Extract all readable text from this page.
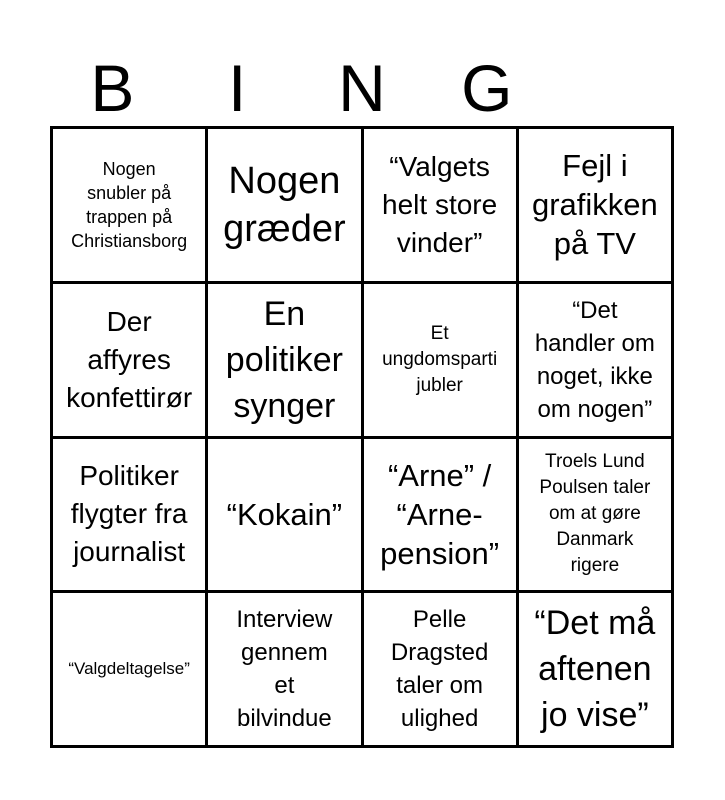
B	I	N	G
Nogen
snubler på
trappen på
Christiansborg
Nogen
græder
“Valgets
helt store
vinder”
Fejl i
grafikken
på TV
Der
affyres
konfettirør
En
politiker
synger
Et
ungdomsparti
jubler
“Det
handler om
noget, ikke
om nogen”
Politiker
flygter fra
journalist
“Kokain”
“Arne” /
“Arne-
pension”
Troels Lund
Poulsen taler
om at gøre
Danmark
rigere
“Valgdeltagelse”
Interview
gennem
et
bilvindue
Pelle
Dragsted
taler om
ulighed
“Det må
aftenen
jo vise”
